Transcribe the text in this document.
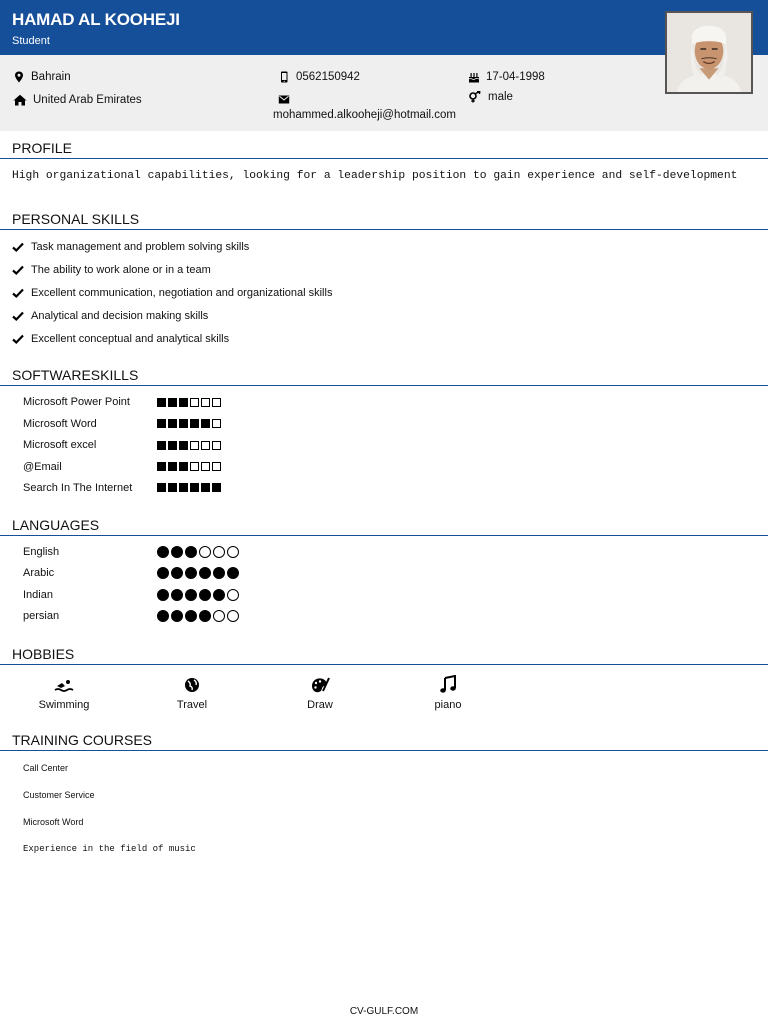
HAMAD AL KOOHEJI
Student
Bahrain
United Arab Emirates
0562150942
mohammed.alkooheji@hotmail.com
17-04-1998
male
PROFILE
High organizational capabilities, looking for a leadership position to gain experience and self-development
PERSONAL SKILLS
Task management and problem solving skills
The ability to work alone or in a team
Excellent communication, negotiation and organizational skills
Analytical and decision making skills
Excellent conceptual and analytical skills
SOFTWARESKILLS
Microsoft Power Point
Microsoft Word
Microsoft excel
@Email
Search In The Internet
LANGUAGES
English
Arabic
Indian
persian
HOBBIES
Swimming	Travel	Draw	piano
TRAINING COURSES
Call Center
Customer Service
Microsoft Word
Experience in the field of music
CV-GULF.COM
